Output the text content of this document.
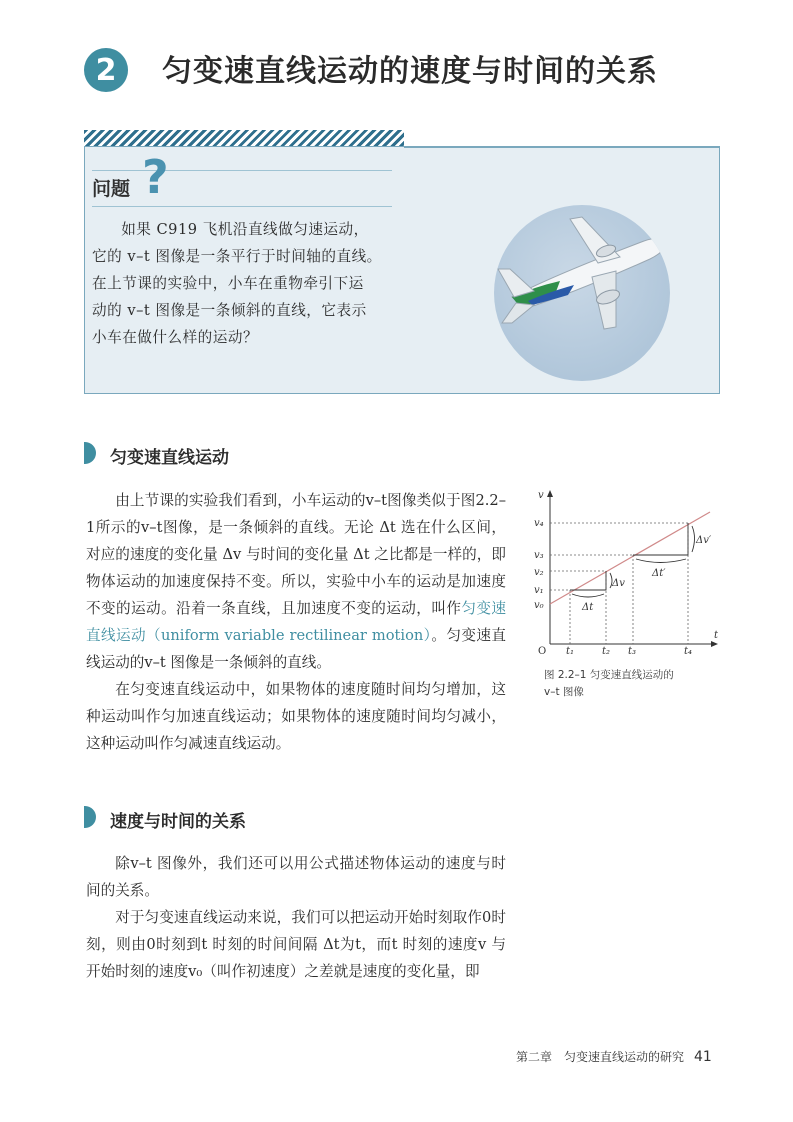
2	匀变速直线运动的速度与时间的关系
问题 ?

如果 C919 飞机沿直线做匀速运动，

它的 v–t 图像是一条平行于时间轴的直线。

在上节课的实验中，小车在重物牵引下运

动的 v–t 图像是一条倾斜的直线，它表示

小车在做什么样的运动？

匀变速直线运动

由上节课的实验我们看到，小车运动的v–t图像类似于图2.2–1所示的v–t图像，是一条倾斜的直线。无论 Δt 选在什么区间，对应的速度的变化量 Δv 与时间的变化量 Δt 之比都是一样的，即物体运动的加速度保持不变。所以，实验中小车的运动是加速度不变的运动。沿着一条直线，且加速度不变的运动，叫作匀变速直线运动（uniform variable rectilinear motion）。匀变速直线运动的v–t 图像是一条倾斜的直线。

在匀变速直线运动中，如果物体的速度随时间均匀增加，这种运动叫作匀加速直线运动；如果物体的速度随时间均匀减小，这种运动叫作匀减速直线运动。

v
t
O
v₀
v₁
v₂
v₃
v₄
t₁	t₂ t₃	t₄
Δt
Δv
Δt′
Δv′
图 2.2–1 匀变速直线运动的
v–t 图像
速度与时间的关系

除v–t 图像外，我们还可以用公式描述物体运动的速度与时间的关系。

对于匀变速直线运动来说，我们可以把运动开始时刻取作0时刻，则由0时刻到t 时刻的时间间隔 Δt为t，而t 时刻的速度v 与开始时刻的速度v₀（叫作初速度）之差就是速度的变化量，即

第二章　匀变速直线运动的研究 41
